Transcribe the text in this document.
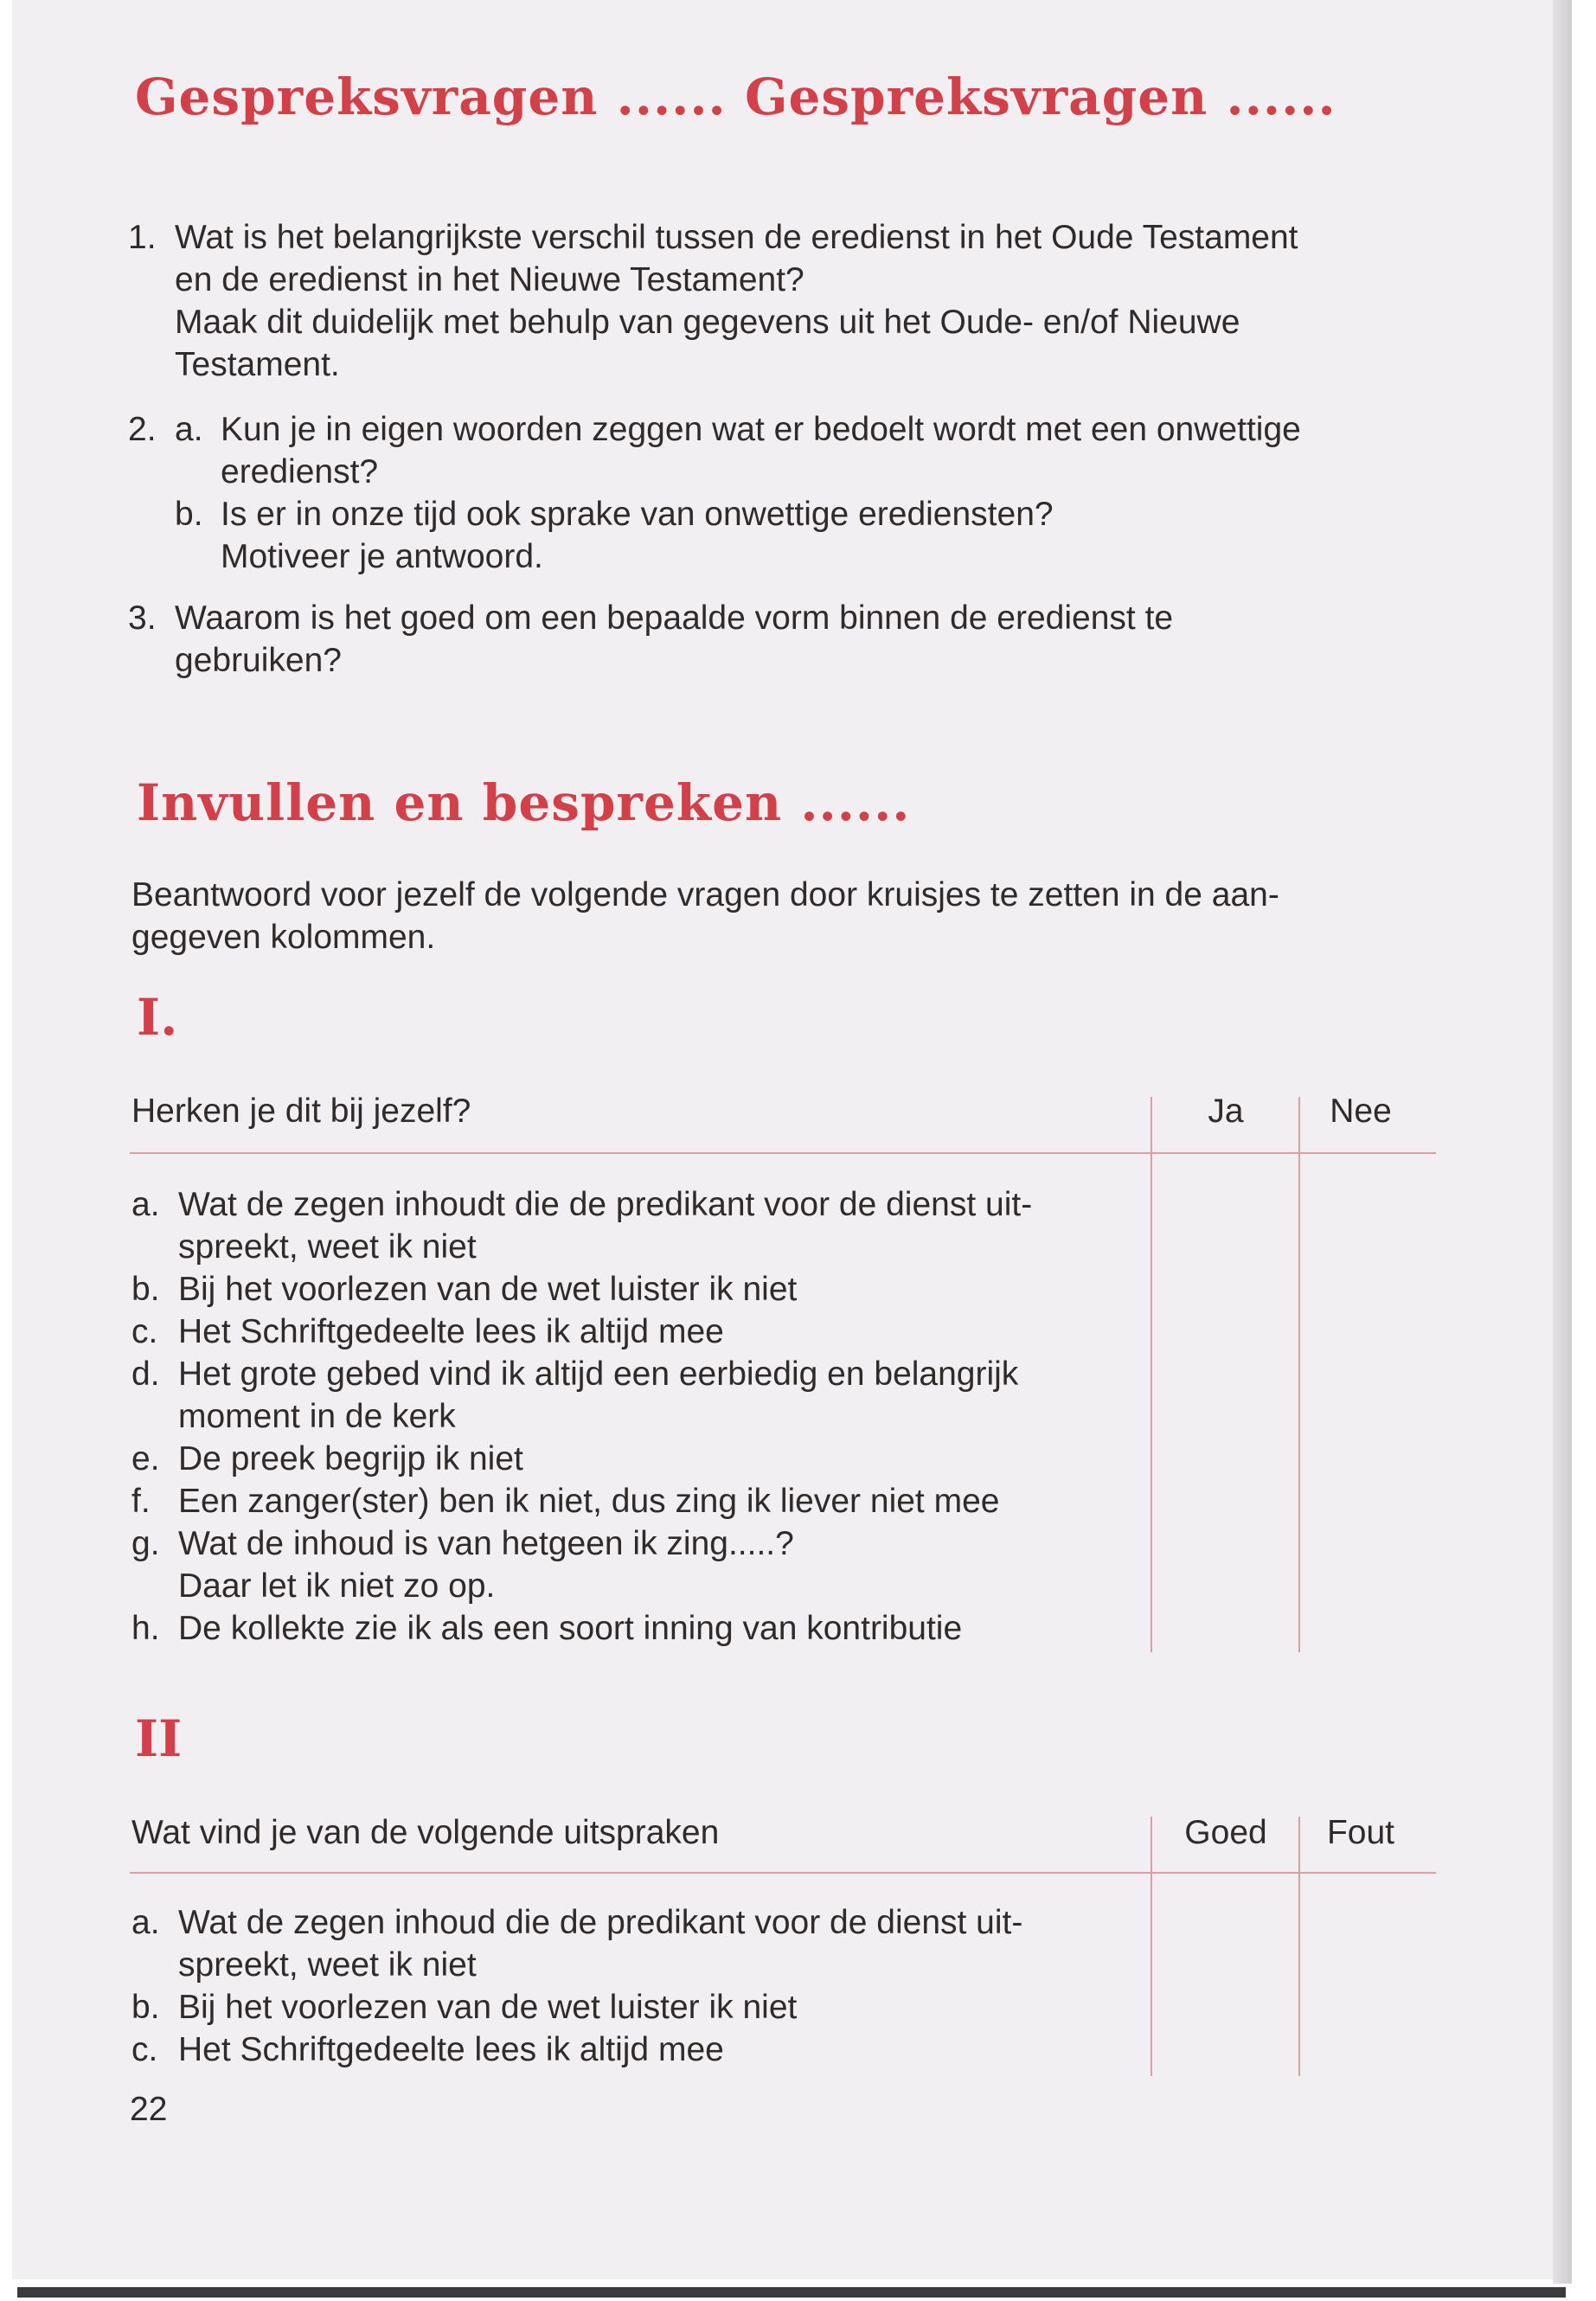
Gespreksvragen ...... Gespreksvragen ......
1. Wat is het belangrijkste verschil tussen de eredienst in het Oude Testament
en de eredienst in het Nieuwe Testament?
Maak dit duidelijk met behulp van gegevens uit het Oude- en/of Nieuwe
Testament.
2. a. Kun je in eigen woorden zeggen wat er bedoelt wordt met een onwettige
eredienst?
b. Is er in onze tijd ook sprake van onwettige erediensten?
Motiveer je antwoord.
3. Waarom is het goed om een bepaalde vorm binnen de eredienst te
gebruiken?
Invullen en bespreken ......
Beantwoord voor jezelf de volgende vragen door kruisjes te zetten in de aan-
gegeven kolommen.
I.
Herken je dit bij jezelf?	Ja	Nee
a. Wat de zegen inhoudt die de predikant voor de dienst uit-
spreekt, weet ik niet
b. Bij het voorlezen van de wet luister ik niet
c. Het Schriftgedeelte lees ik altijd mee
d. Het grote gebed vind ik altijd een eerbiedig en belangrijk
moment in de kerk
e. De preek begrijp ik niet
f. Een zanger(ster) ben ik niet, dus zing ik liever niet mee
g. Wat de inhoud is van hetgeen ik zing.....?
Daar let ik niet zo op.
h. De kollekte zie ik als een soort inning van kontributie
II
Wat vind je van de volgende uitspraken	Goed	Fout
a. Wat de zegen inhoud die de predikant voor de dienst uit-
spreekt, weet ik niet
b. Bij het voorlezen van de wet luister ik niet
c. Het Schriftgedeelte lees ik altijd mee
22
